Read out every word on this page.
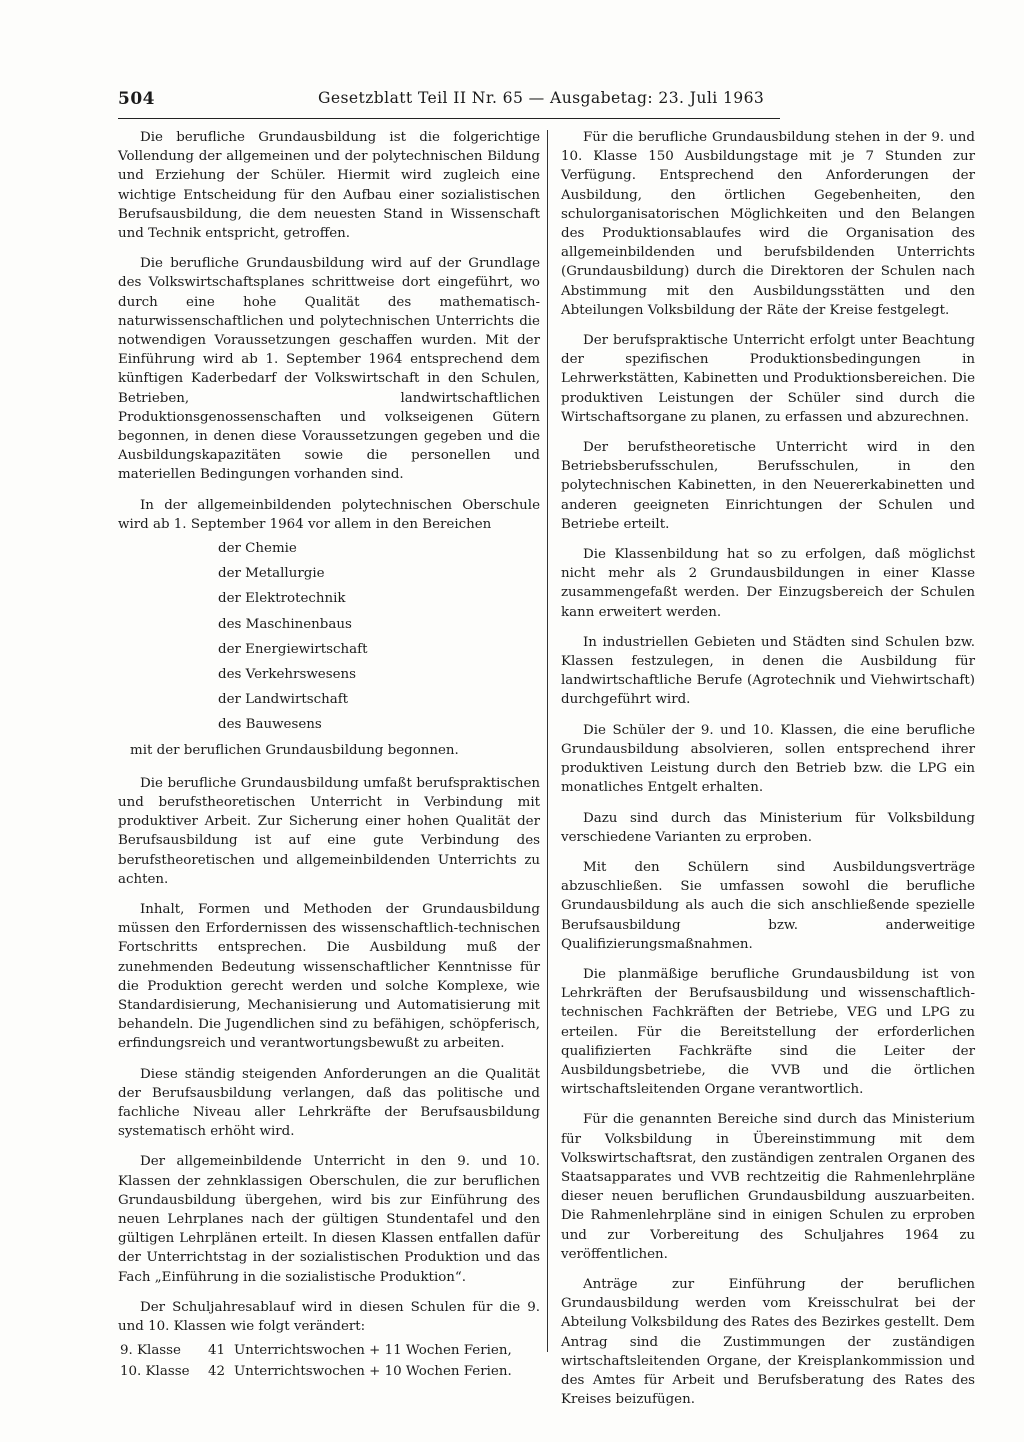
504	Gesetzblatt Teil II Nr. 65 — Ausgabetag: 23. Juli 1963

Die berufliche Grundausbildung ist die folgerichtige Vollendung der allgemeinen und der polytechnischen Bildung und Erziehung der Schüler. Hiermit wird zugleich eine wichtige Entscheidung für den Aufbau einer sozialistischen Berufsausbildung, die dem neuesten Stand in Wissenschaft und Technik entspricht, getroffen.

Die berufliche Grundausbildung wird auf der Grundlage des Volkswirtschaftsplanes schrittweise dort eingeführt, wo durch eine hohe Qualität des mathematisch-naturwissenschaftlichen und polytechnischen Unterrichts die notwendigen Voraussetzungen geschaffen wurden. Mit der Einführung wird ab 1. September 1964 entsprechend dem künftigen Kaderbedarf der Volkswirtschaft in den Schulen, Betrieben, landwirtschaftlichen Produktionsgenossenschaften und volkseigenen Gütern begonnen, in denen diese Voraussetzungen gegeben und die Ausbildungskapazitäten sowie die personellen und materiellen Bedingungen vorhanden sind.

In der allgemeinbildenden polytechnischen Oberschule wird ab 1. September 1964 vor allem in den Bereichen

der Chemie
der Metallurgie
der Elektrotechnik
des Maschinenbaus
der Energiewirtschaft
des Verkehrswesens
der Landwirtschaft
des Bauwesens

mit der beruflichen Grundausbildung begonnen.

Die berufliche Grundausbildung umfaßt berufspraktischen und berufstheoretischen Unterricht in Verbindung mit produktiver Arbeit. Zur Sicherung einer hohen Qualität der Berufsausbildung ist auf eine gute Verbindung des berufstheoretischen und allgemeinbildenden Unterrichts zu achten.

Inhalt, Formen und Methoden der Grundausbildung müssen den Erfordernissen des wissenschaftlich-technischen Fortschritts entsprechen. Die Ausbildung muß der zunehmenden Bedeutung wissenschaftlicher Kenntnisse für die Produktion gerecht werden und solche Komplexe, wie Standardisierung, Mechanisierung und Automatisierung mit behandeln. Die Jugendlichen sind zu befähigen, schöpferisch, erfindungsreich und verantwortungsbewußt zu arbeiten.

Diese ständig steigenden Anforderungen an die Qualität der Berufsausbildung verlangen, daß das politische und fachliche Niveau aller Lehrkräfte der Berufsausbildung systematisch erhöht wird.

Der allgemeinbildende Unterricht in den 9. und 10. Klassen der zehnklassigen Oberschulen, die zur beruflichen Grundausbildung übergehen, wird bis zur Einführung des neuen Lehrplanes nach der gültigen Stundentafel und den gültigen Lehrplänen erteilt. In diesen Klassen entfallen dafür der Unterrichtstag in der sozialistischen Produktion und das Fach „Einführung in die sozialistische Produktion“.

Der Schuljahresablauf wird in diesen Schulen für die 9. und 10. Klassen wie folgt verändert:

9. Klasse	41	Unterrichtswochen + 11 Wochen Ferien,
10. Klasse	42	Unterrichtswochen + 10 Wochen Ferien.

Für die berufliche Grundausbildung stehen in der 9. und 10. Klasse 150 Ausbildungstage mit je 7 Stunden zur Verfügung. Entsprechend den Anforderungen der Ausbildung, den örtlichen Gegebenheiten, den schulorganisatorischen Möglichkeiten und den Belangen des Produktionsablaufes wird die Organisation des allgemeinbildenden und berufsbildenden Unterrichts (Grundausbildung) durch die Direktoren der Schulen nach Abstimmung mit den Ausbildungsstätten und den Abteilungen Volksbildung der Räte der Kreise festgelegt.

Der berufspraktische Unterricht erfolgt unter Beachtung der spezifischen Produktionsbedingungen in Lehrwerkstätten, Kabinetten und Produktionsbereichen. Die produktiven Leistungen der Schüler sind durch die Wirtschaftsorgane zu planen, zu erfassen und abzurechnen.

Der berufstheoretische Unterricht wird in den Betriebsberufsschulen, Berufsschulen, in den polytechnischen Kabinetten, in den Neuererkabinetten und anderen geeigneten Einrichtungen der Schulen und Betriebe erteilt.

Die Klassenbildung hat so zu erfolgen, daß möglichst nicht mehr als 2 Grundausbildungen in einer Klasse zusammengefaßt werden. Der Einzugsbereich der Schulen kann erweitert werden.

In industriellen Gebieten und Städten sind Schulen bzw. Klassen festzulegen, in denen die Ausbildung für landwirtschaftliche Berufe (Agrotechnik und Viehwirtschaft) durchgeführt wird.

Die Schüler der 9. und 10. Klassen, die eine berufliche Grundausbildung absolvieren, sollen entsprechend ihrer produktiven Leistung durch den Betrieb bzw. die LPG ein monatliches Entgelt erhalten.

Dazu sind durch das Ministerium für Volksbildung verschiedene Varianten zu erproben.

Mit den Schülern sind Ausbildungsverträge abzuschließen. Sie umfassen sowohl die berufliche Grundausbildung als auch die sich anschließende spezielle Berufsausbildung bzw. anderweitige Qualifizierungsmaßnahmen.

Die planmäßige berufliche Grundausbildung ist von Lehrkräften der Berufsausbildung und wissenschaftlich-technischen Fachkräften der Betriebe, VEG und LPG zu erteilen. Für die Bereitstellung der erforderlichen qualifizierten Fachkräfte sind die Leiter der Ausbildungsbetriebe, die VVB und die örtlichen wirtschaftsleitenden Organe verantwortlich.

Für die genannten Bereiche sind durch das Ministerium für Volksbildung in Übereinstimmung mit dem Volkswirtschaftsrat, den zuständigen zentralen Organen des Staatsapparates und VVB rechtzeitig die Rahmenlehrpläne dieser neuen beruflichen Grundausbildung auszuarbeiten. Die Rahmenlehrpläne sind in einigen Schulen zu erproben und zur Vorbereitung des Schuljahres 1964 zu veröffentlichen.

Anträge zur Einführung der beruflichen Grundausbildung werden vom Kreisschulrat bei der Abteilung Volksbildung des Rates des Bezirkes gestellt. Dem Antrag sind die Zustimmungen der zuständigen wirtschaftsleitenden Organe, der Kreisplankommission und des Amtes für Arbeit und Berufsberatung des Rates des Kreises beizufügen.
